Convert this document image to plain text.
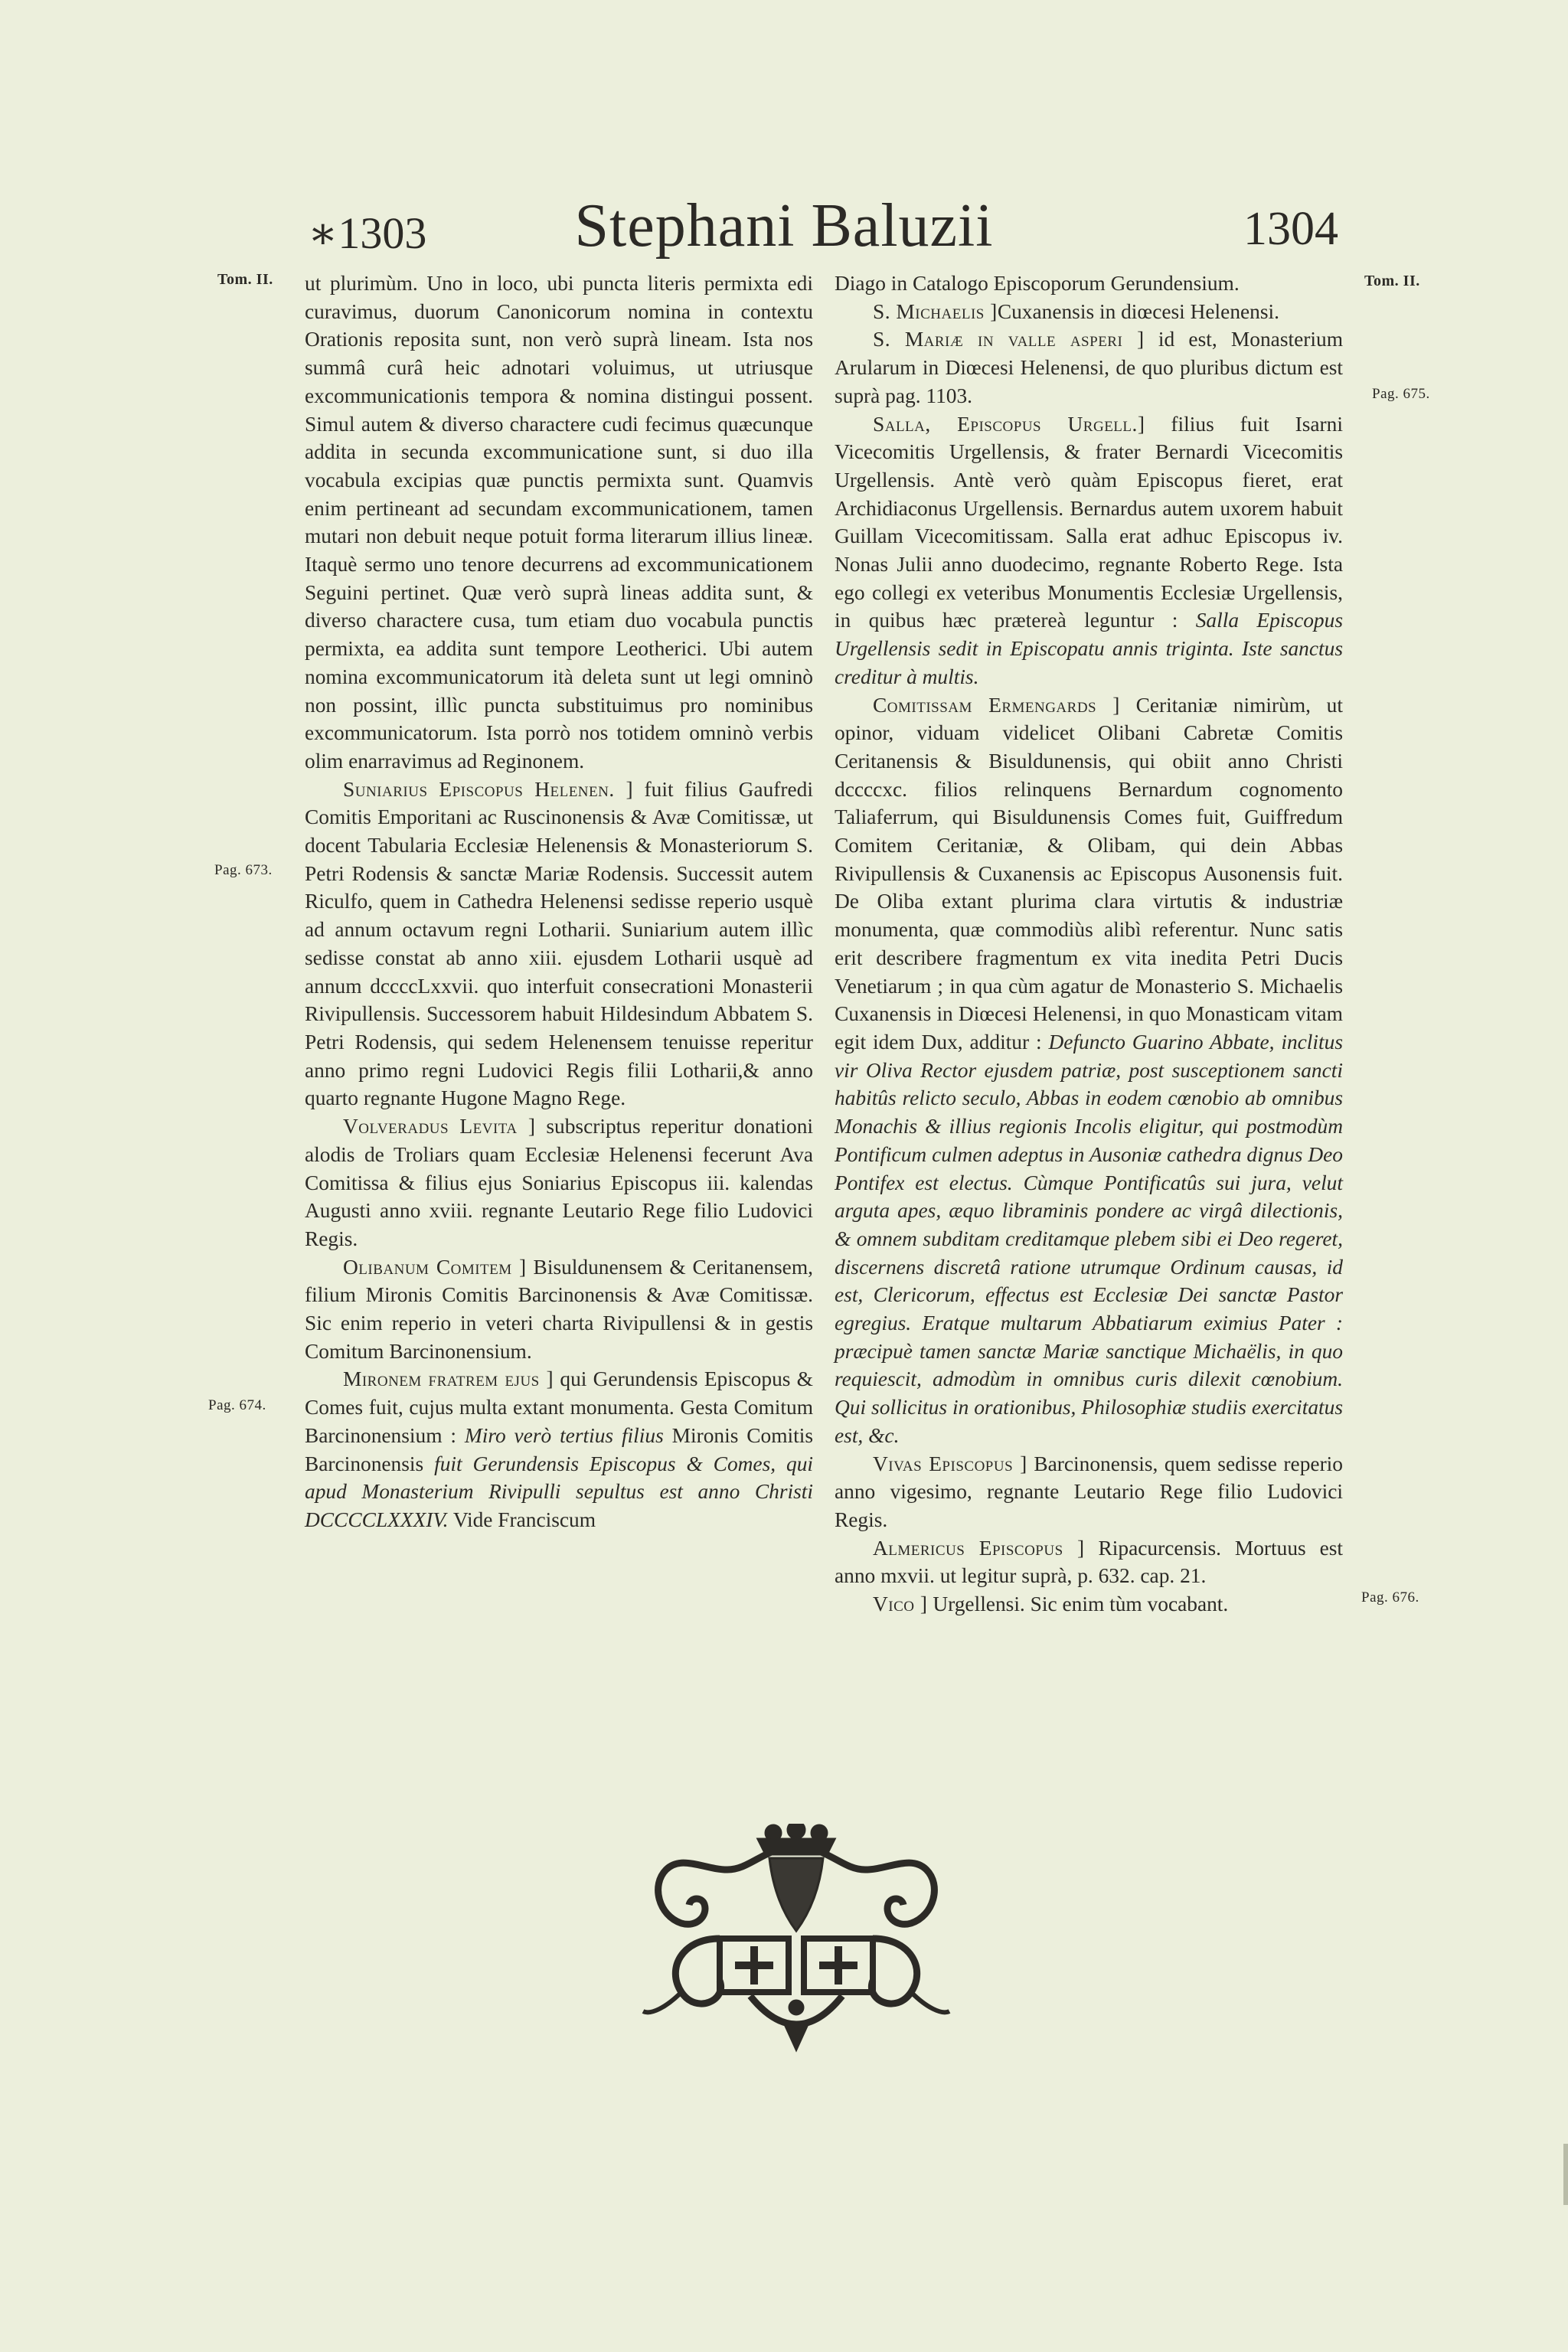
∗1303	Stephani Baluzii	1304
Tom. II.
Pag. 673.
Pag. 674.
Tom. II.
Pag. 675.
Pag. 676.

ut plurimùm. Uno in loco, ubi puncta literis permixta edi curavimus, duorum Canonicorum nomina in contextu Orationis reposita sunt, non verò suprà lineam. Ista nos summâ curâ heic adnotari voluimus, ut utriusque excommunicationis tempora & nomina distingui possent. Simul autem & diverso charactere cudi fecimus quæcunque addita in secunda excommunicatione sunt, si duo illa vocabula excipias quæ punctis permixta sunt. Quamvis enim pertineant ad secundam excommunicationem, tamen mutari non debuit neque potuit forma literarum illius lineæ. Itaquè sermo uno tenore decurrens ad excommunicationem Seguini pertinet. Quæ verò suprà lineas addita sunt, & diverso charactere cusa, tum etiam duo vocabula punctis permixta, ea addita sunt tempore Leotherici. Ubi autem nomina excommunicatorum ità deleta sunt ut legi omninò non possint, illìc puncta substituimus pro nominibus excommunicatorum. Ista porrò nos totidem omninò verbis olim enarravimus ad Reginonem.

Suniarius Episcopus Helenen. ] fuit filius Gaufredi Comitis Emporitani ac Ruscinonensis & Avæ Comitissæ, ut docent Tabularia Ecclesiæ Helenensis & Monasteriorum S. Petri Rodensis & sanctæ Mariæ Rodensis. Successit autem Riculfo, quem in Cathedra Helenensi sedisse reperio usquè ad annum octavum regni Lotharii. Suniarium autem illìc sedisse constat ab anno xiii. ejusdem Lotharii usquè ad annum dccccLxxvii. quo interfuit consecrationi Monasterii Rivipullensis. Successorem habuit Hildesindum Abbatem S. Petri Rodensis, qui sedem Helenensem tenuisse reperitur anno primo regni Ludovici Regis filii Lotharii,& anno quarto regnante Hugone Magno Rege.

Volveradus Levita ] subscriptus reperitur donationi alodis de Troliars quam Ecclesiæ Helenensi fecerunt Ava Comitissa & filius ejus Soniarius Episcopus iii. kalendas Augusti anno xviii. regnante Leutario Rege filio Ludovici Regis.

Olibanum Comitem ] Bisuldunensem & Ceritanensem, filium Mironis Comitis Barcinonensis & Avæ Comitissæ. Sic enim reperio in veteri charta Rivipullensi & in gestis Comitum Barcinonensium.

Mironem fratrem ejus ] qui Gerundensis Episcopus & Comes fuit, cujus multa extant monumenta. Gesta Comitum Barcinonensium : Miro verò tertius filius Mironis Comitis Barcinonensis fuit Gerundensis Episcopus & Comes, qui apud Monasterium Rivipulli sepultus est anno Christi DCCCCLXXXIV. Vide Franciscum

Diago in Catalogo Episcoporum Gerundensium.

S. Michaelis ]Cuxanensis in diœcesi Helenensi.

S. Mariæ in valle asperi ] id est, Monasterium Arularum in Diœcesi Helenensi, de quo pluribus dictum est suprà pag. 1103.

Salla, Episcopus Urgell.] filius fuit Isarni Vicecomitis Urgellensis, & frater Bernardi Vicecomitis Urgellensis. Antè verò quàm Episcopus fieret, erat Archidiaconus Urgellensis. Bernardus autem uxorem habuit Guillam Vicecomitissam. Salla erat adhuc Episcopus iv. Nonas Julii anno duodecimo, regnante Roberto Rege. Ista ego collegi ex veteribus Monumentis Ecclesiæ Urgellensis, in quibus hæc prætereà leguntur : Salla Episcopus Urgellensis sedit in Episcopatu annis triginta. Iste sanctus creditur à multis.

Comitissam Ermengards ] Ceritaniæ nimirùm, ut opinor, viduam videlicet Olibani Cabretæ Comitis Ceritanensis & Bisuldunensis, qui obiit anno Christi dccccxc. filios relinquens Bernardum cognomento Taliaferrum, qui Bisuldunensis Comes fuit, Guiffredum Comitem Ceritaniæ, & Olibam, qui dein Abbas Rivipullensis & Cuxanensis ac Episcopus Ausonensis fuit. De Oliba extant plurima clara virtutis & industriæ monumenta, quæ commodiùs alibì referentur. Nunc satis erit describere fragmentum ex vita inedita Petri Ducis Venetiarum ; in qua cùm agatur de Monasterio S. Michaelis Cuxanensis in Diœcesi Helenensi, in quo Monasticam vitam egit idem Dux, additur : Defuncto Guarino Abbate, inclitus vir Oliva Rector ejusdem patriæ, post susceptionem sancti habitûs relicto seculo, Abbas in eodem cœnobio ab omnibus Monachis & illius regionis Incolis eligitur, qui postmodùm Pontificum culmen adeptus in Ausoniæ cathedra dignus Deo Pontifex est electus. Cùmque Pontificatûs sui jura, velut arguta apes, æquo libraminis pondere ac virgâ dilectionis, & omnem subditam creditamque plebem sibi ei Deo regeret, discernens discretâ ratione utrumque Ordinum causas, id est, Clericorum, effectus est Ecclesiæ Dei sanctæ Pastor egregius. Eratque multarum Abbatiarum eximius Pater : præcipuè tamen sanctæ Mariæ sanctique Michaëlis, in quo requiescit, admodùm in omnibus curis dilexit cœnobium. Qui sollicitus in orationibus, Philosophiæ studiis exercitatus est, &c.

Vivas Episcopus ] Barcinonensis, quem sedisse reperio anno vigesimo, regnante Leutario Rege filio Ludovici Regis.

Almericus Episcopus ] Ripacurcensis. Mortuus est anno mxvii. ut legitur suprà, p. 632. cap. 21.

Vico ] Urgellensi. Sic enim tùm vocabant.
